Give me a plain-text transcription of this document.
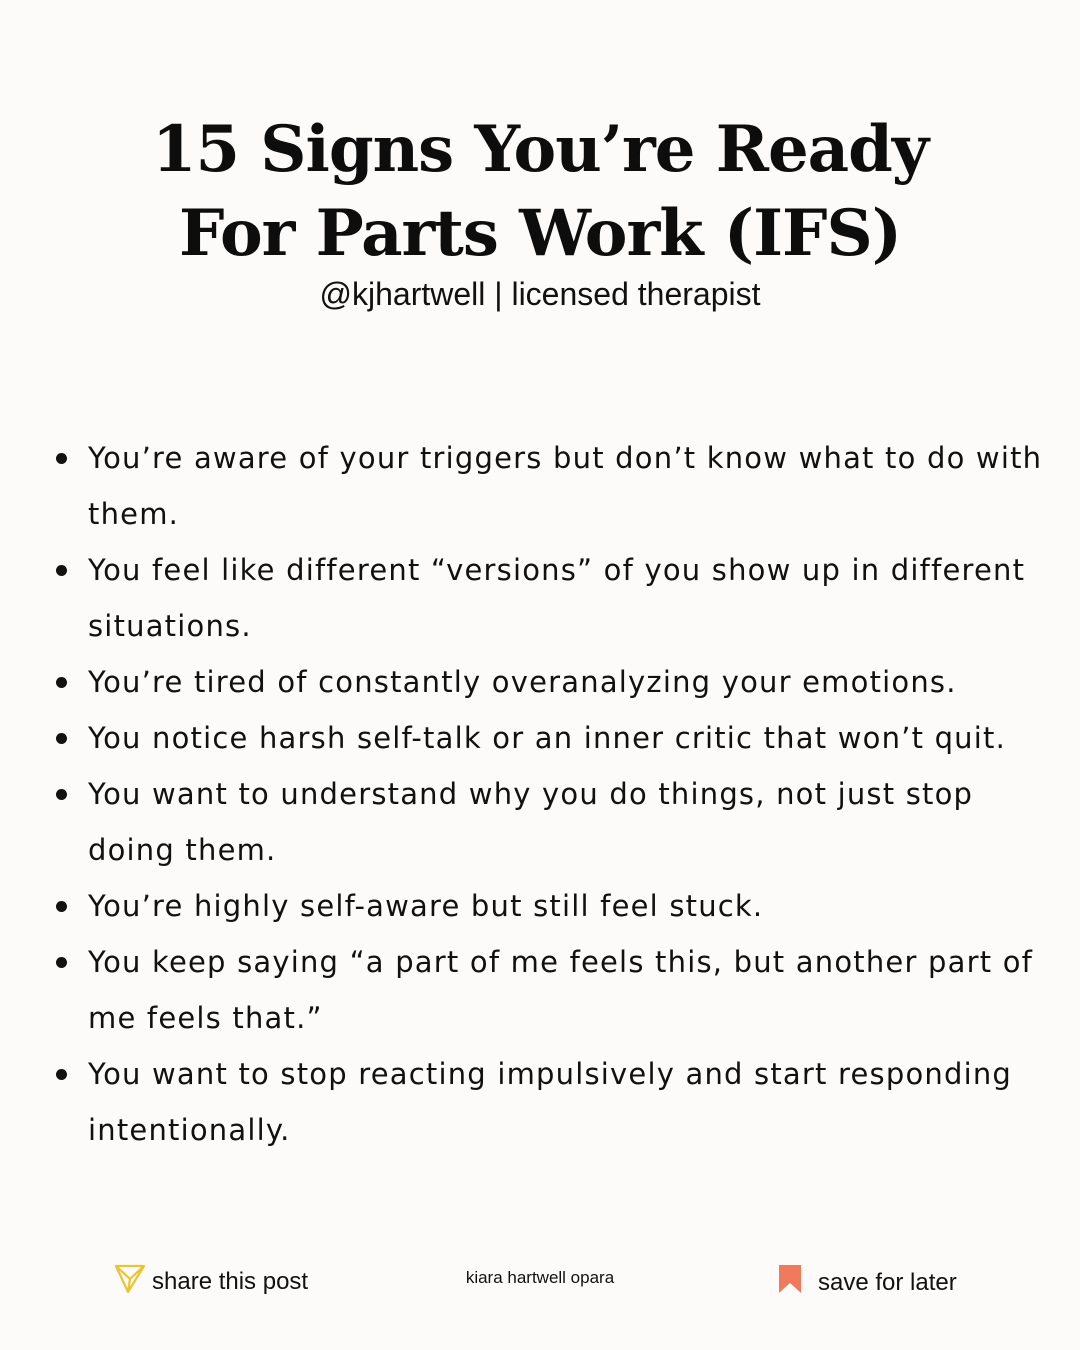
15 Signs You’re Ready
For Parts Work (IFS)
@kjhartwell | licensed therapist
You’re aware of your triggers but don’t know what to do with them.
You feel like different “versions” of you show up in different situations.
You’re tired of constantly overanalyzing your emotions.
You notice harsh self-talk or an inner critic that won’t quit.
You want to understand why you do things, not just stop doing them.
You’re highly self-aware but still feel stuck.
You keep saying “a part of me feels this, but another part of me feels that.”
You want to stop reacting impulsively and start responding intentionally.
share this post	kiara hartwell opara	save for later
